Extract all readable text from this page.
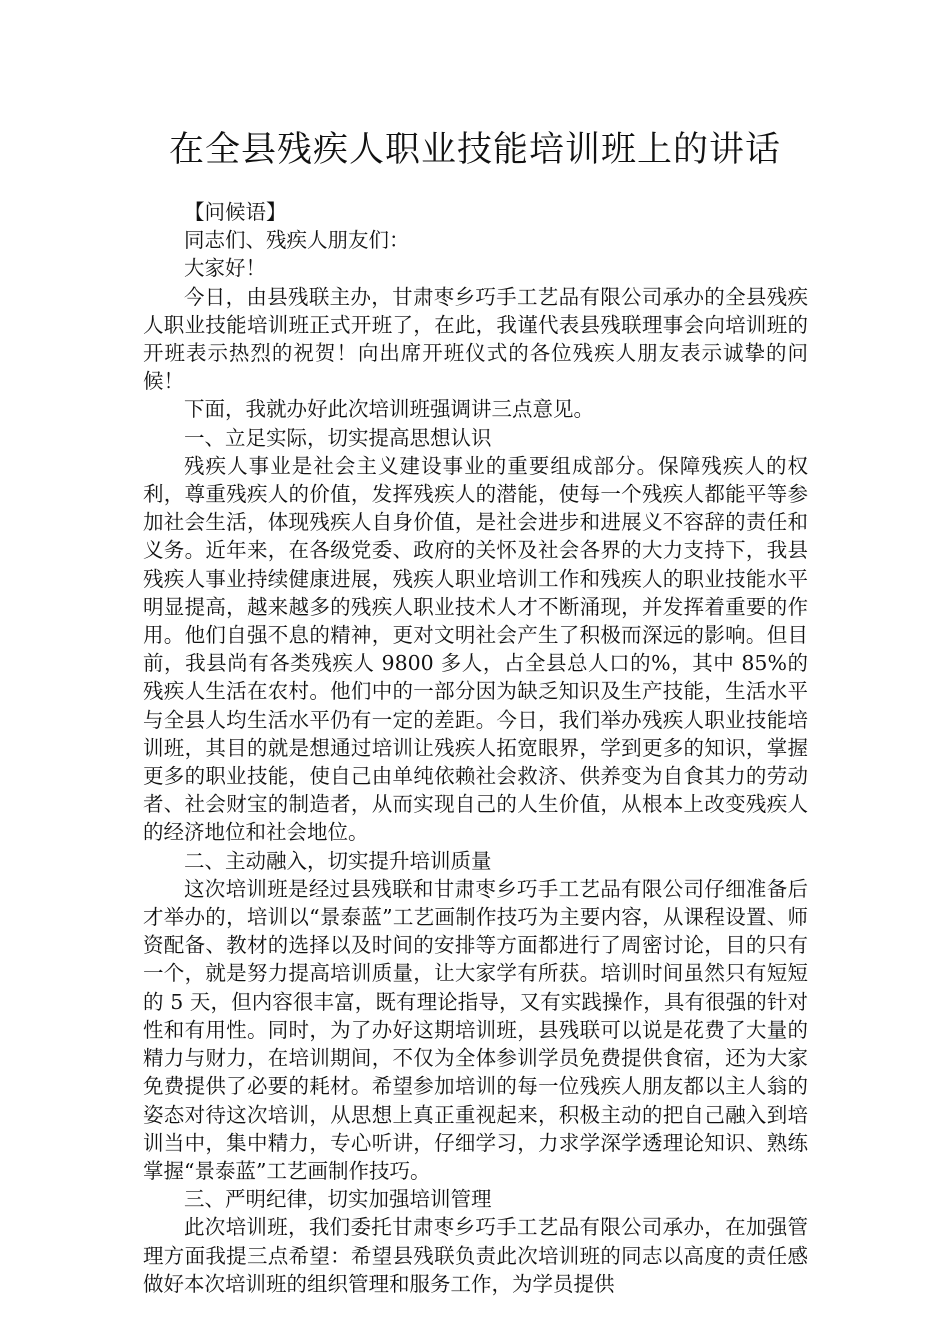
在全县残疾人职业技能培训班上的讲话

【问候语】

同志们、残疾人朋友们：

大家好！

今日，由县残联主办，甘肃枣乡巧手工艺品有限公司承办的全县残疾人职业技能培训班正式开班了，在此，我谨代表县残联理事会向培训班的开班表示热烈的祝贺！向出席开班仪式的各位残疾人朋友表示诚挚的问候！

下面，我就办好此次培训班强调讲三点意见。

一、立足实际，切实提高思想认识

残疾人事业是社会主义建设事业的重要组成部分。保障残疾人的权利，尊重残疾人的价值，发挥残疾人的潜能，使每一个残疾人都能平等参加社会生活，体现残疾人自身价值，是社会进步和进展义不容辞的责任和义务。近年来，在各级党委、政府的关怀及社会各界的大力支持下，我县残疾人事业持续健康进展，残疾人职业培训工作和残疾人的职业技能水平明显提高，越来越多的残疾人职业技术人才不断涌现，并发挥着重要的作用。他们自强不息的精神，更对文明社会产生了积极而深远的影响。但目前，我县尚有各类残疾人 9800 多人，占全县总人口的%，其中 85%的残疾人生活在农村。他们中的一部分因为缺乏知识及生产技能，生活水平与全县人均生活水平仍有一定的差距。今日，我们举办残疾人职业技能培训班，其目的就是想通过培训让残疾人拓宽眼界，学到更多的知识，掌握更多的职业技能，使自己由单纯依赖社会救济、供养变为自食其力的劳动者、社会财宝的制造者，从而实现自己的人生价值，从根本上改变残疾人的经济地位和社会地位。

二、主动融入，切实提升培训质量

这次培训班是经过县残联和甘肃枣乡巧手工艺品有限公司仔细准备后才举办的，培训以“景泰蓝”工艺画制作技巧为主要内容，从课程设置、师资配备、教材的选择以及时间的安排等方面都进行了周密讨论，目的只有一个，就是努力提高培训质量，让大家学有所获。培训时间虽然只有短短的 5 天，但内容很丰富，既有理论指导，又有实践操作，具有很强的针对性和有用性。同时，为了办好这期培训班，县残联可以说是花费了大量的精力与财力，在培训期间，不仅为全体参训学员免费提供食宿，还为大家免费提供了必要的耗材。希望参加培训的每一位残疾人朋友都以主人翁的姿态对待这次培训，从思想上真正重视起来，积极主动的把自己融入到培训当中，集中精力，专心听讲，仔细学习，力求学深学透理论知识、熟练掌握“景泰蓝”工艺画制作技巧。

三、严明纪律，切实加强培训管理

此次培训班，我们委托甘肃枣乡巧手工艺品有限公司承办，在加强管理方面我提三点希望：希望县残联负责此次培训班的同志以高度的责任感做好本次培训班的组织管理和服务工作，为学员提供
